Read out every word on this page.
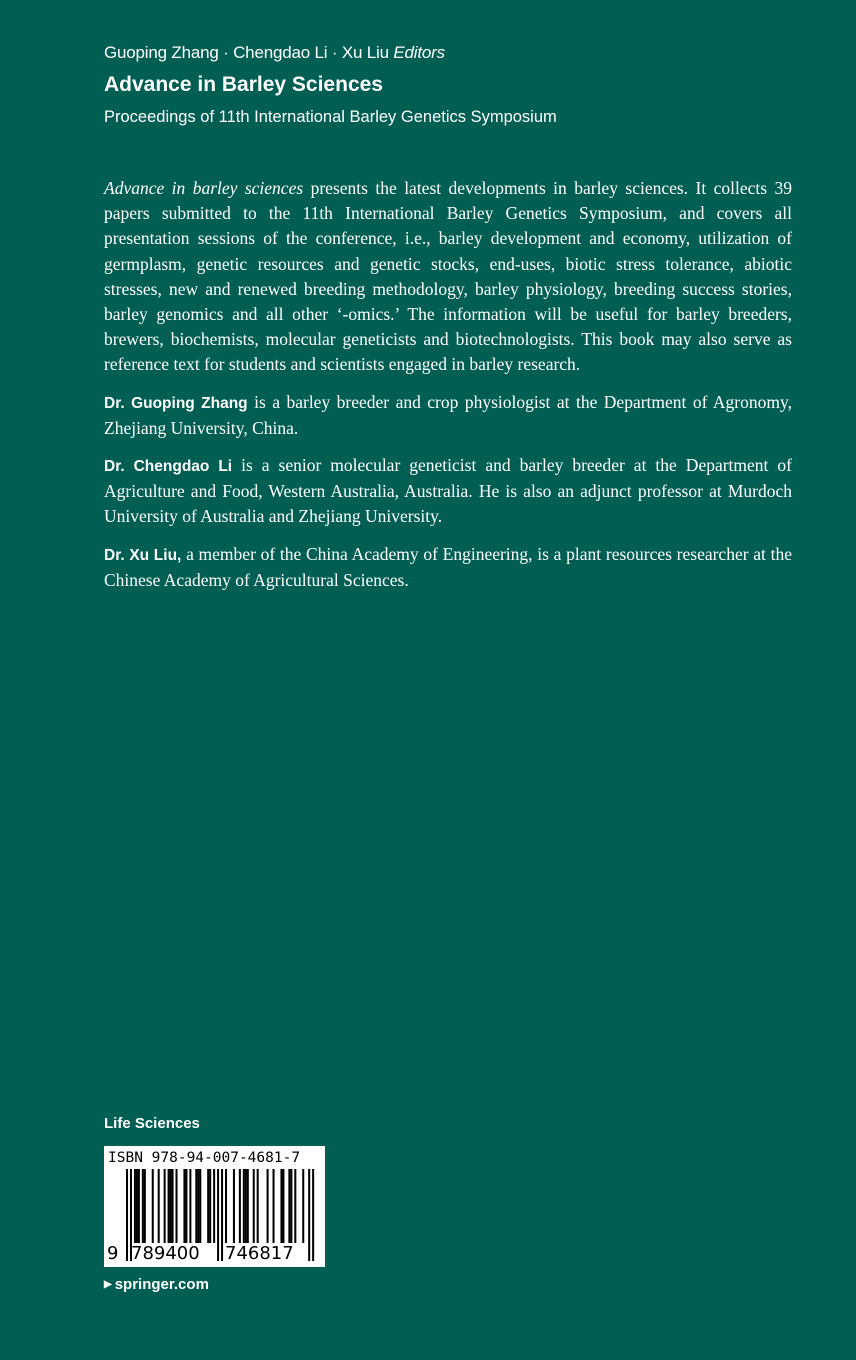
Guoping Zhang · Chengdao Li · Xu Liu Editors

Advance in Barley Sciences

Proceedings of 11th International Barley Genetics Symposium

Advance in barley sciences presents the latest developments in barley sciences. It collects 39 papers submitted to the 11th International Barley Genetics Symposium, and covers all presentation sessions of the conference, i.e., barley development and economy, utilization of germplasm, genetic resources and genetic stocks, end-uses, biotic stress tolerance, abiotic stresses, new and renewed breeding methodology, barley physiology, breeding success stories, barley genomics and all other ‘-omics.’ The information will be useful for barley breeders, brewers, biochemists, molecular geneticists and biotechnologists. This book may also serve as reference text for students and scientists engaged in barley research.

Dr. Guoping Zhang is a barley breeder and crop physiologist at the Department of Agronomy, Zhejiang University, China.

Dr. Chengdao Li is a senior molecular geneticist and barley breeder at the Department of Agriculture and Food, Western Australia, Australia. He is also an adjunct professor at Murdoch University of Australia and Zhejiang University.

Dr. Xu Liu, a member of the China Academy of Engineering, is a plant resources researcher at the Chinese Academy of Agricultural Sciences.

Life Sciences
ISBN 978-94-007-4681-7
9 789400 746817
▶ springer.com
